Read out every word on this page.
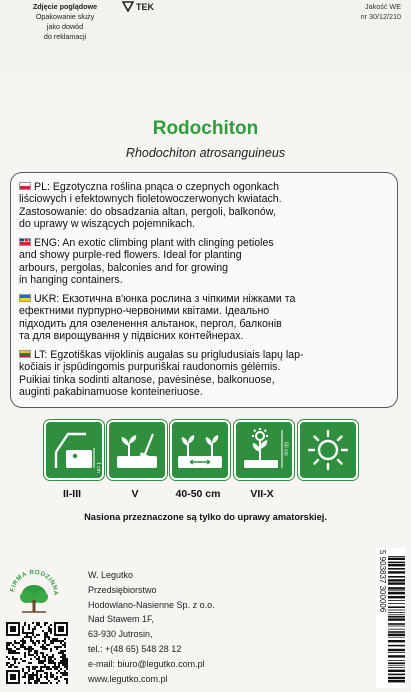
Zdjęcie poglądowe
Opakowanie służy
jako dowód
do reklamacji
TEK	Jakość WE
nr 30/12/210
Rodochiton
Rhodochiton atrosanguineus
PL: Egzotyczna roślina pnąca o czepnych ogonkach
liściowych i efektownych fioletowoczerwonych kwiatach.
Zastosowanie: do obsadzania altan, pergoli, balkonów,
do uprawy w wiszących pojemnikach.
ENG: An exotic climbing plant with clinging petioles
and showy purple-red flowers. Ideal for planting
arbours, pergolas, balconies and for growing
in hanging containers.
UKR: Екзотична в'юнка рослина з чіпкими ніжками та
ефектними пурпурно-червоними квітами. Ідеально
підходить для озеленення альтанок, пергол, балконів
та для вирощування у підвісних контейнерах.
LT: Egzotiškas vijoklinis augalas su prigludusiais lapų lap-
kočiais ir įspūdingomis purpuriškai raudonomis gėlėmis.
Puikiai tinka sodinti altanose, pavėsinėse, balkonuose,
auginti pakabinamuose konteineriuose.
1 cm
60 cm
II-III	V	40-50 cm	VII-X
Nasiona przeznaczone są tylko do uprawy amatorskiej.
FIRMA RODZINNA
W. Legutko
Przedsiębiorstwo
Hodowlano-Nasienne Sp. z o.o.
Nad Stawem 1F,
63-930 Jutrosin,
tel.: +(48 65) 548 28 12
e-mail: biuro@legutko.com.pl
www.legutko.com.pl
5 903837 300006
